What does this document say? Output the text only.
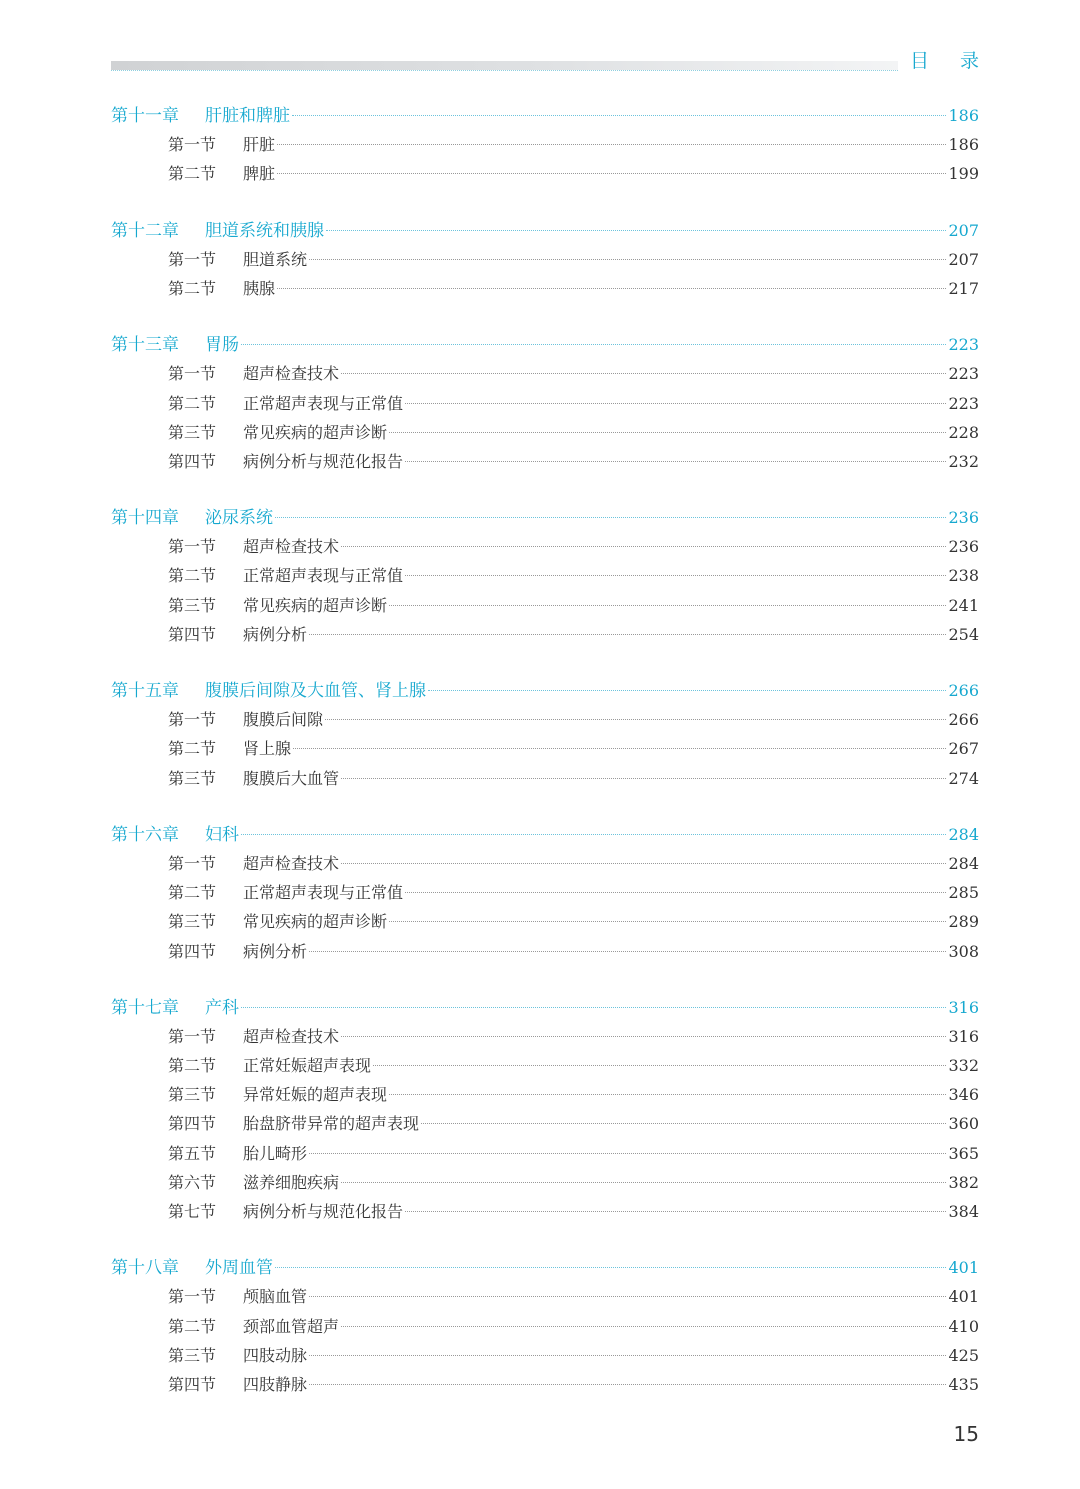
目 录
第十一章	肝脏和脾脏	186
第一节	肝脏	186
第二节	脾脏	199
第十二章	胆道系统和胰腺	207
第一节	胆道系统	207
第二节	胰腺	217
第十三章	胃肠	223
第一节	超声检查技术	223
第二节	正常超声表现与正常值	223
第三节	常见疾病的超声诊断	228
第四节	病例分析与规范化报告	232
第十四章	泌尿系统	236
第一节	超声检查技术	236
第二节	正常超声表现与正常值	238
第三节	常见疾病的超声诊断	241
第四节	病例分析	254
第十五章	腹膜后间隙及大血管、肾上腺	266
第一节	腹膜后间隙	266
第二节	肾上腺	267
第三节	腹膜后大血管	274
第十六章	妇科	284
第一节	超声检查技术	284
第二节	正常超声表现与正常值	285
第三节	常见疾病的超声诊断	289
第四节	病例分析	308
第十七章	产科	316
第一节	超声检查技术	316
第二节	正常妊娠超声表现	332
第三节	异常妊娠的超声表现	346
第四节	胎盘脐带异常的超声表现	360
第五节	胎儿畸形	365
第六节	滋养细胞疾病	382
第七节	病例分析与规范化报告	384
第十八章	外周血管	401
第一节	颅脑血管	401
第二节	颈部血管超声	410
第三节	四肢动脉	425
第四节	四肢静脉	435
15
